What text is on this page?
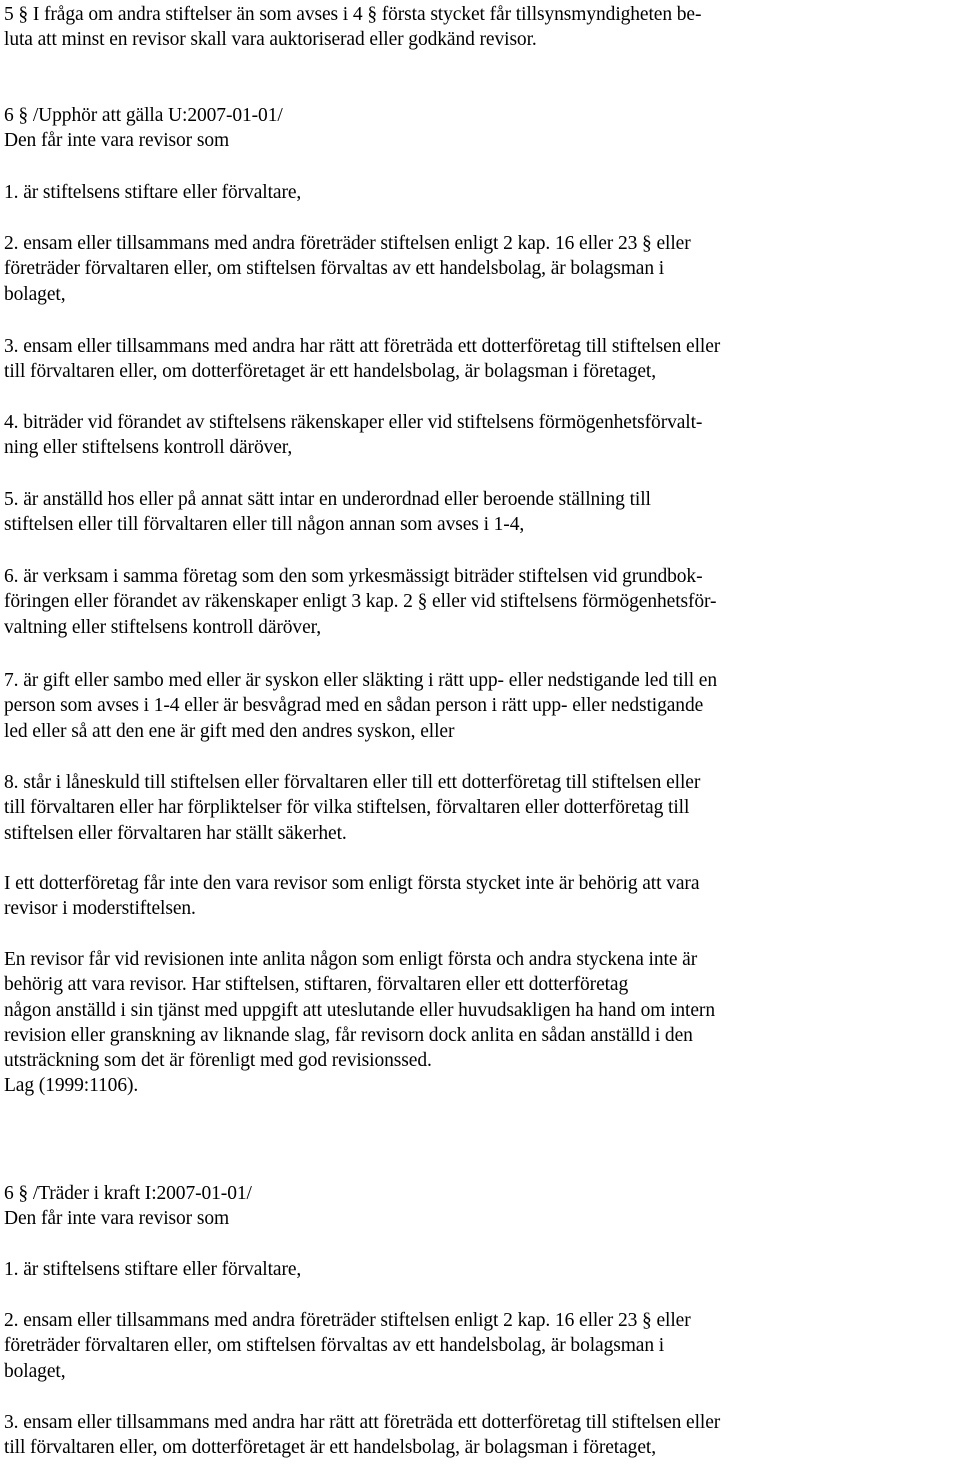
5 § I fråga om andra stiftelser än som avses i 4 § första stycket får tillsynsmyndigheten be-
luta att minst en revisor skall vara auktoriserad eller godkänd revisor.

6 § /Upphör att gälla U:2007-01-01/
Den får inte vara revisor som

1. är stiftelsens stiftare eller förvaltare,

2. ensam eller tillsammans med andra företräder stiftelsen enligt 2 kap. 16 eller 23 § eller
företräder förvaltaren eller, om stiftelsen förvaltas av ett handelsbolag, är bolagsman i
bolaget,

3. ensam eller tillsammans med andra har rätt att företräda ett dotterföretag till stiftelsen eller
till förvaltaren eller, om dotterföretaget är ett handelsbolag, är bolagsman i företaget,

4. biträder vid förandet av stiftelsens räkenskaper eller vid stiftelsens förmögenhetsförvalt-
ning eller stiftelsens kontroll däröver,

5. är anställd hos eller på annat sätt intar en underordnad eller beroende ställning till
stiftelsen eller till förvaltaren eller till någon annan som avses i 1-4,

6. är verksam i samma företag som den som yrkesmässigt biträder stiftelsen vid grundbok-
föringen eller förandet av räkenskaper enligt 3 kap. 2 § eller vid stiftelsens förmögenhetsför-
valtning eller stiftelsens kontroll däröver,

7. är gift eller sambo med eller är syskon eller släkting i rätt upp- eller nedstigande led till en
person som avses i 1-4 eller är besvågrad med en sådan person i rätt upp- eller nedstigande
led eller så att den ene är gift med den andres syskon, eller

8. står i låneskuld till stiftelsen eller förvaltaren eller till ett dotterföretag till stiftelsen eller
till förvaltaren eller har förpliktelser för vilka stiftelsen, förvaltaren eller dotterföretag till
stiftelsen eller förvaltaren har ställt säkerhet.

I ett dotterföretag får inte den vara revisor som enligt första stycket inte är behörig att vara
revisor i moderstiftelsen.

En revisor får vid revisionen inte anlita någon som enligt första och andra styckena inte är
behörig att vara revisor. Har stiftelsen, stiftaren, förvaltaren eller ett dotterföretag
någon anställd i sin tjänst med uppgift att uteslutande eller huvudsakligen ha hand om intern
revision eller granskning av liknande slag, får revisorn dock anlita en sådan anställd i den
utsträckning som det är förenligt med god revisionssed.
Lag (1999:1106).

6 § /Träder i kraft I:2007-01-01/
Den får inte vara revisor som

1. är stiftelsens stiftare eller förvaltare,

2. ensam eller tillsammans med andra företräder stiftelsen enligt 2 kap. 16 eller 23 § eller
företräder förvaltaren eller, om stiftelsen förvaltas av ett handelsbolag, är bolagsman i
bolaget,

3. ensam eller tillsammans med andra har rätt att företräda ett dotterföretag till stiftelsen eller
till förvaltaren eller, om dotterföretaget är ett handelsbolag, är bolagsman i företaget,
